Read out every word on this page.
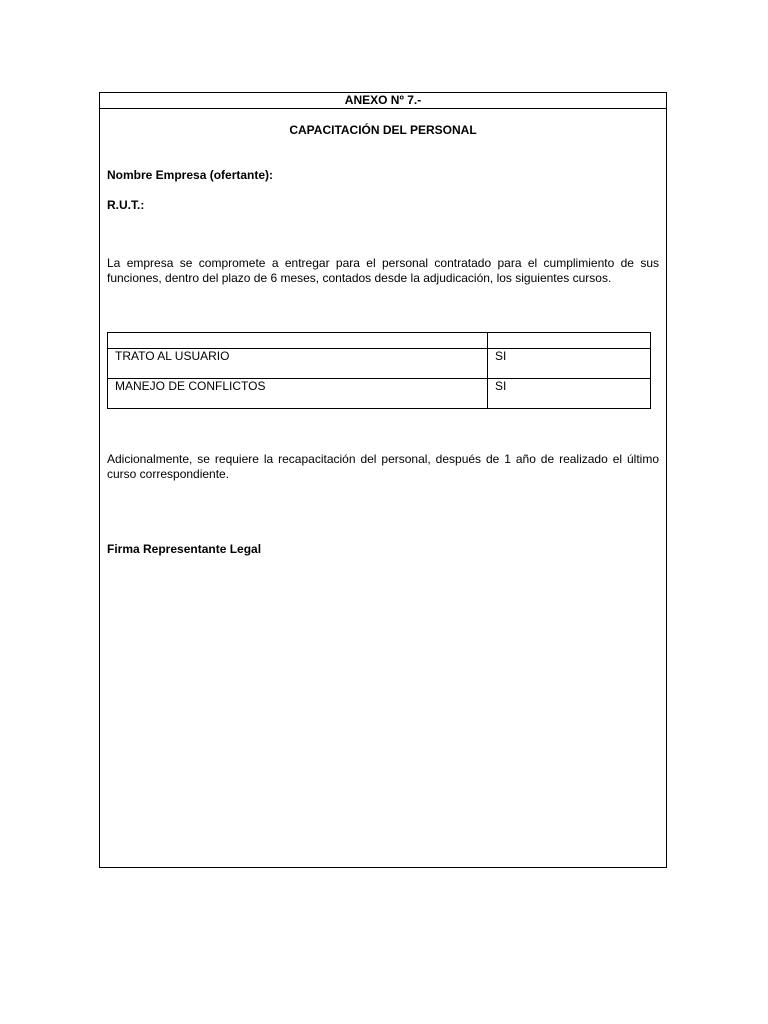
ANEXO Nº 7.-
CAPACITACIÓN DEL PERSONAL
Nombre Empresa (ofertante):
R.U.T.:
La empresa se compromete a entregar para el personal contratado para el cumplimiento de sus funciones, dentro del plazo de 6 meses, contados desde la adjudicación, los siguientes cursos.

TRATO AL USUARIO	SI
MANEJO DE CONFLICTOS	SI
Adicionalmente, se requiere la recapacitación del personal, después de 1 año de realizado el último curso correspondiente.
Firma Representante Legal
